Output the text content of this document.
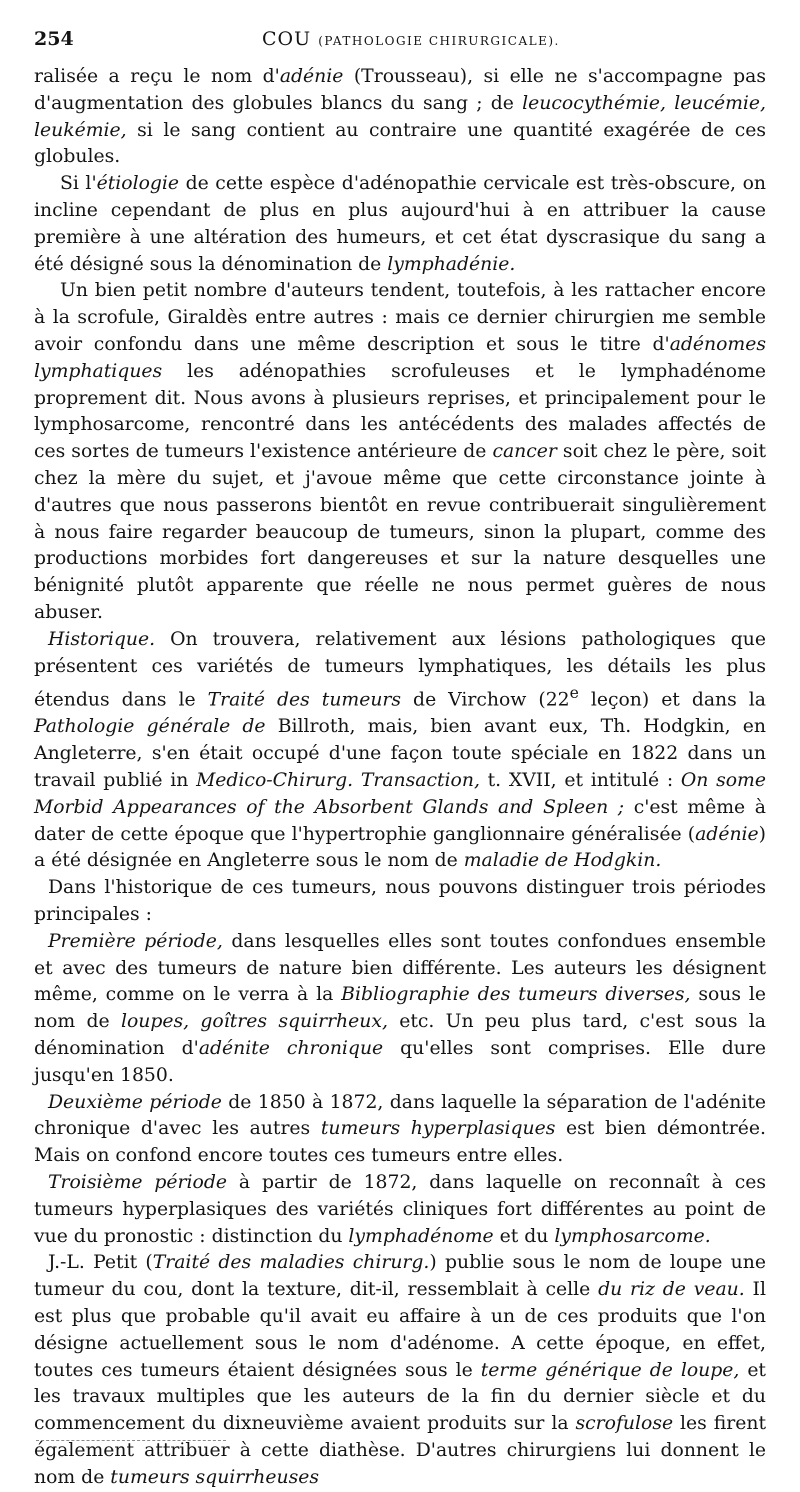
254	COU (PATHOLOGIE CHIRURGICALE).

ralisée a reçu le nom d'adénie (Trousseau), si elle ne s'accompagne pas d'augmentation des globules blancs du sang ; de leucocythémie, leucémie, leukémie, si le sang contient au contraire une quantité exagérée de ces globules.

Si l'étiologie de cette espèce d'adénopathie cervicale est très-obscure, on incline cependant de plus en plus aujourd'hui à en attribuer la cause première à une altération des humeurs, et cet état dyscrasique du sang a été désigné sous la dénomination de lymphadénie.

Un bien petit nombre d'auteurs tendent, toutefois, à les rattacher encore à la scrofule, Giraldès entre autres : mais ce dernier chirurgien me semble avoir confondu dans une même description et sous le titre d'adénomes lymphatiques les adénopathies scrofuleuses et le lymphadénome proprement dit. Nous avons à plusieurs reprises, et principalement pour le lymphosarcome, rencontré dans les antécédents des malades affectés de ces sortes de tumeurs l'existence antérieure de cancer soit chez le père, soit chez la mère du sujet, et j'avoue même que cette circonstance jointe à d'autres que nous passerons bientôt en revue contribuerait singulièrement à nous faire regarder beaucoup de tumeurs, sinon la plupart, comme des productions morbides fort dangereuses et sur la nature desquelles une bénignité plutôt apparente que réelle ne nous permet guères de nous abuser.

Historique. On trouvera, relativement aux lésions pathologiques que présentent ces variétés de tumeurs lymphatiques, les détails les plus étendus dans le Traité des tumeurs de Virchow (22e leçon) et dans la Pathologie générale de Billroth, mais, bien avant eux, Th. Hodgkin, en Angleterre, s'en était occupé d'une façon toute spéciale en 1822 dans un travail publié in Medico-Chirurg. Transaction, t. XVII, et intitulé : On some Morbid Appearances of the Absorbent Glands and Spleen ; c'est même à dater de cette époque que l'hypertrophie ganglionnaire généralisée (adénie) a été désignée en Angleterre sous le nom de maladie de Hodgkin.

Dans l'historique de ces tumeurs, nous pouvons distinguer trois périodes principales :

Première période, dans lesquelles elles sont toutes confondues ensemble et avec des tumeurs de nature bien différente. Les auteurs les désignent même, comme on le verra à la Bibliographie des tumeurs diverses, sous le nom de loupes, goîtres squirrheux, etc. Un peu plus tard, c'est sous la dénomination d'adénite chronique qu'elles sont comprises. Elle dure jusqu'en 1850.

Deuxième période de 1850 à 1872, dans laquelle la séparation de l'adénite chronique d'avec les autres tumeurs hyperplasiques est bien démontrée. Mais on confond encore toutes ces tumeurs entre elles.

Troisième période à partir de 1872, dans laquelle on reconnaît à ces tumeurs hyperplasiques des variétés cliniques fort différentes au point de vue du pronostic : distinction du lymphadénome et du lymphosarcome.

J.-L. Petit (Traité des maladies chirurg.) publie sous le nom de loupe une tumeur du cou, dont la texture, dit-il, ressemblait à celle du riz de veau. Il est plus que probable qu'il avait eu affaire à un de ces produits que l'on désigne actuellement sous le nom d'adénome. A cette époque, en effet, toutes ces tumeurs étaient désignées sous le terme générique de loupe, et les travaux multiples que les auteurs de la fin du dernier siècle et du commencement du dixneuvième avaient produits sur la scrofulose les firent également attribuer à cette diathèse. D'autres chirurgiens lui donnent le nom de tumeurs squirrheuses
